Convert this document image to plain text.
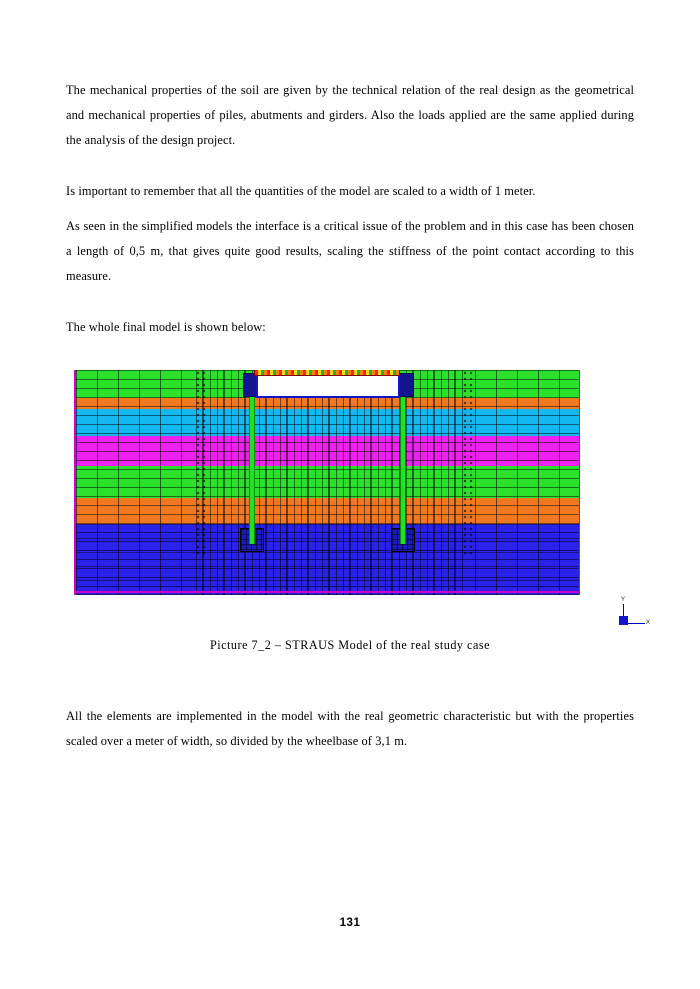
The mechanical properties of the soil are given by the technical relation of the real design as the geometrical and mechanical properties of piles, abutments and girders. Also the loads applied are the same applied during the analysis of the design project.

Is important to remember that all the quantities of the model are scaled to a width of 1 meter.

As seen in the simplified models the interface is a critical issue of the problem and in this case has been chosen a length of 0,5 m, that gives quite good results, scaling the stiffness of the point contact according to this measure.

The whole final model is shown below:

Y
X
Picture 7_2 – STRAUS Model of the real study case

All the elements are implemented in the model with the real geometric characteristic but with the properties scaled over a meter of width, so divided by the wheelbase of 3,1 m.

131
